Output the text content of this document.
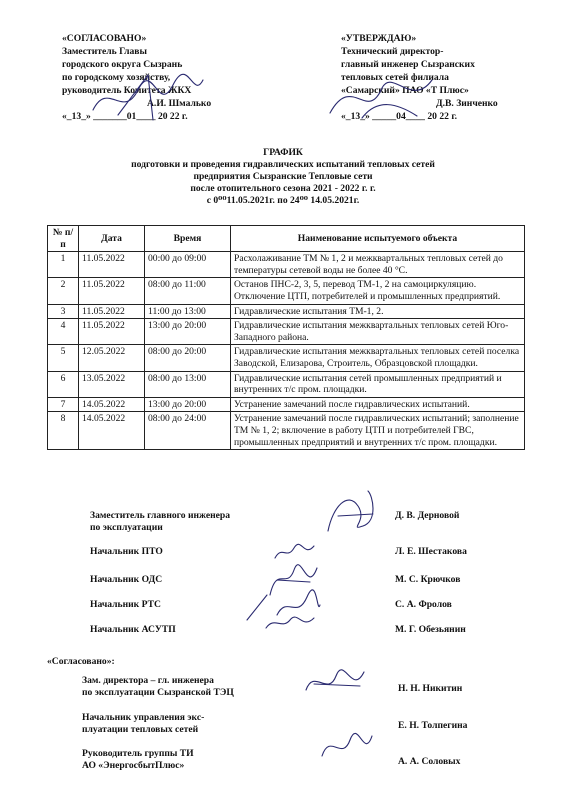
«СОГЛАСОВАНО»
Заместитель Главы
городского округа Сызрань
по городскому хозяйству,
руководитель Комитета ЖКХ
А.И. Шмалько
«_13_» _______01____ 20 22 г.
«УТВЕРЖДАЮ»
Технический директор-
главный инженер Сызранских
тепловых сетей филиала
«Самарский» ПАО «Т Плюс»
Д.В. Зинченко
«_13_» _____04____ 20 22 г.
ГРАФИК
подготовки и проведения гидравлических испытаний тепловых сетей
предприятия Сызранские Тепловые сети
после отопительного сезона 2021 - 2022 г. г.
с 0⁰⁰11.05.2021г. по 24⁰⁰ 14.05.2021г.
№ п/п	Дата	Время	Наименование испытуемого объекта
1	11.05.2022	00:00 до 09:00	Расхолаживание ТМ № 1, 2 и межквартальных тепловых сетей до температуры сетевой воды не более 40 °С.
2	11.05.2022	08:00 до 11:00	Останов ПНС-2, 3, 5, перевод ТМ-1, 2 на самоциркуляцию. Отключение ЦТП, потребителей и промышленных предприятий.
3	11.05.2022	11:00 до 13:00	Гидравлические испытания ТМ-1, 2.
4	11.05.2022	13:00 до 20:00	Гидравлические испытания межквартальных тепловых сетей Юго-Западного района.
5	12.05.2022	08:00 до 20:00	Гидравлические испытания межквартальных тепловых сетей поселка Заводской, Елизарова, Строитель, Образцовской площадки.
6	13.05.2022	08:00 до 13:00	Гидравлические испытания сетей промышленных предприятий и внутренних т/с пром. площадки.
7	14.05.2022	13:00 до 20:00	Устранение замечаний после гидравлических испытаний.
8	14.05.2022	08:00 до 24:00	Устранение замечаний после гидравлических испытаний; заполнение ТМ № 1, 2; включение в работу ЦТП и потребителей ГВС, промышленных предприятий и внутренних т/с пром. площадки.
Заместитель главного инженера
по эксплуатации
Д. В. Дерновой
Начальник ПТО	Л. Е. Шестакова
Начальник ОДС	М. С. Крючков
Начальник РТС	С. А. Фролов
Начальник АСУТП	М. Г. Обезьянин
Зам. директора – гл. инженера
по эксплуатации Сызранской ТЭЦ	Н. Н. Никитин
Начальник управления экс-
плуатации тепловых сетей	Е. Н. Толпегина
Руководитель группы ТИ
АО «ЭнергосбытПлюс»	А. А. Соловых
«Согласовано»:
